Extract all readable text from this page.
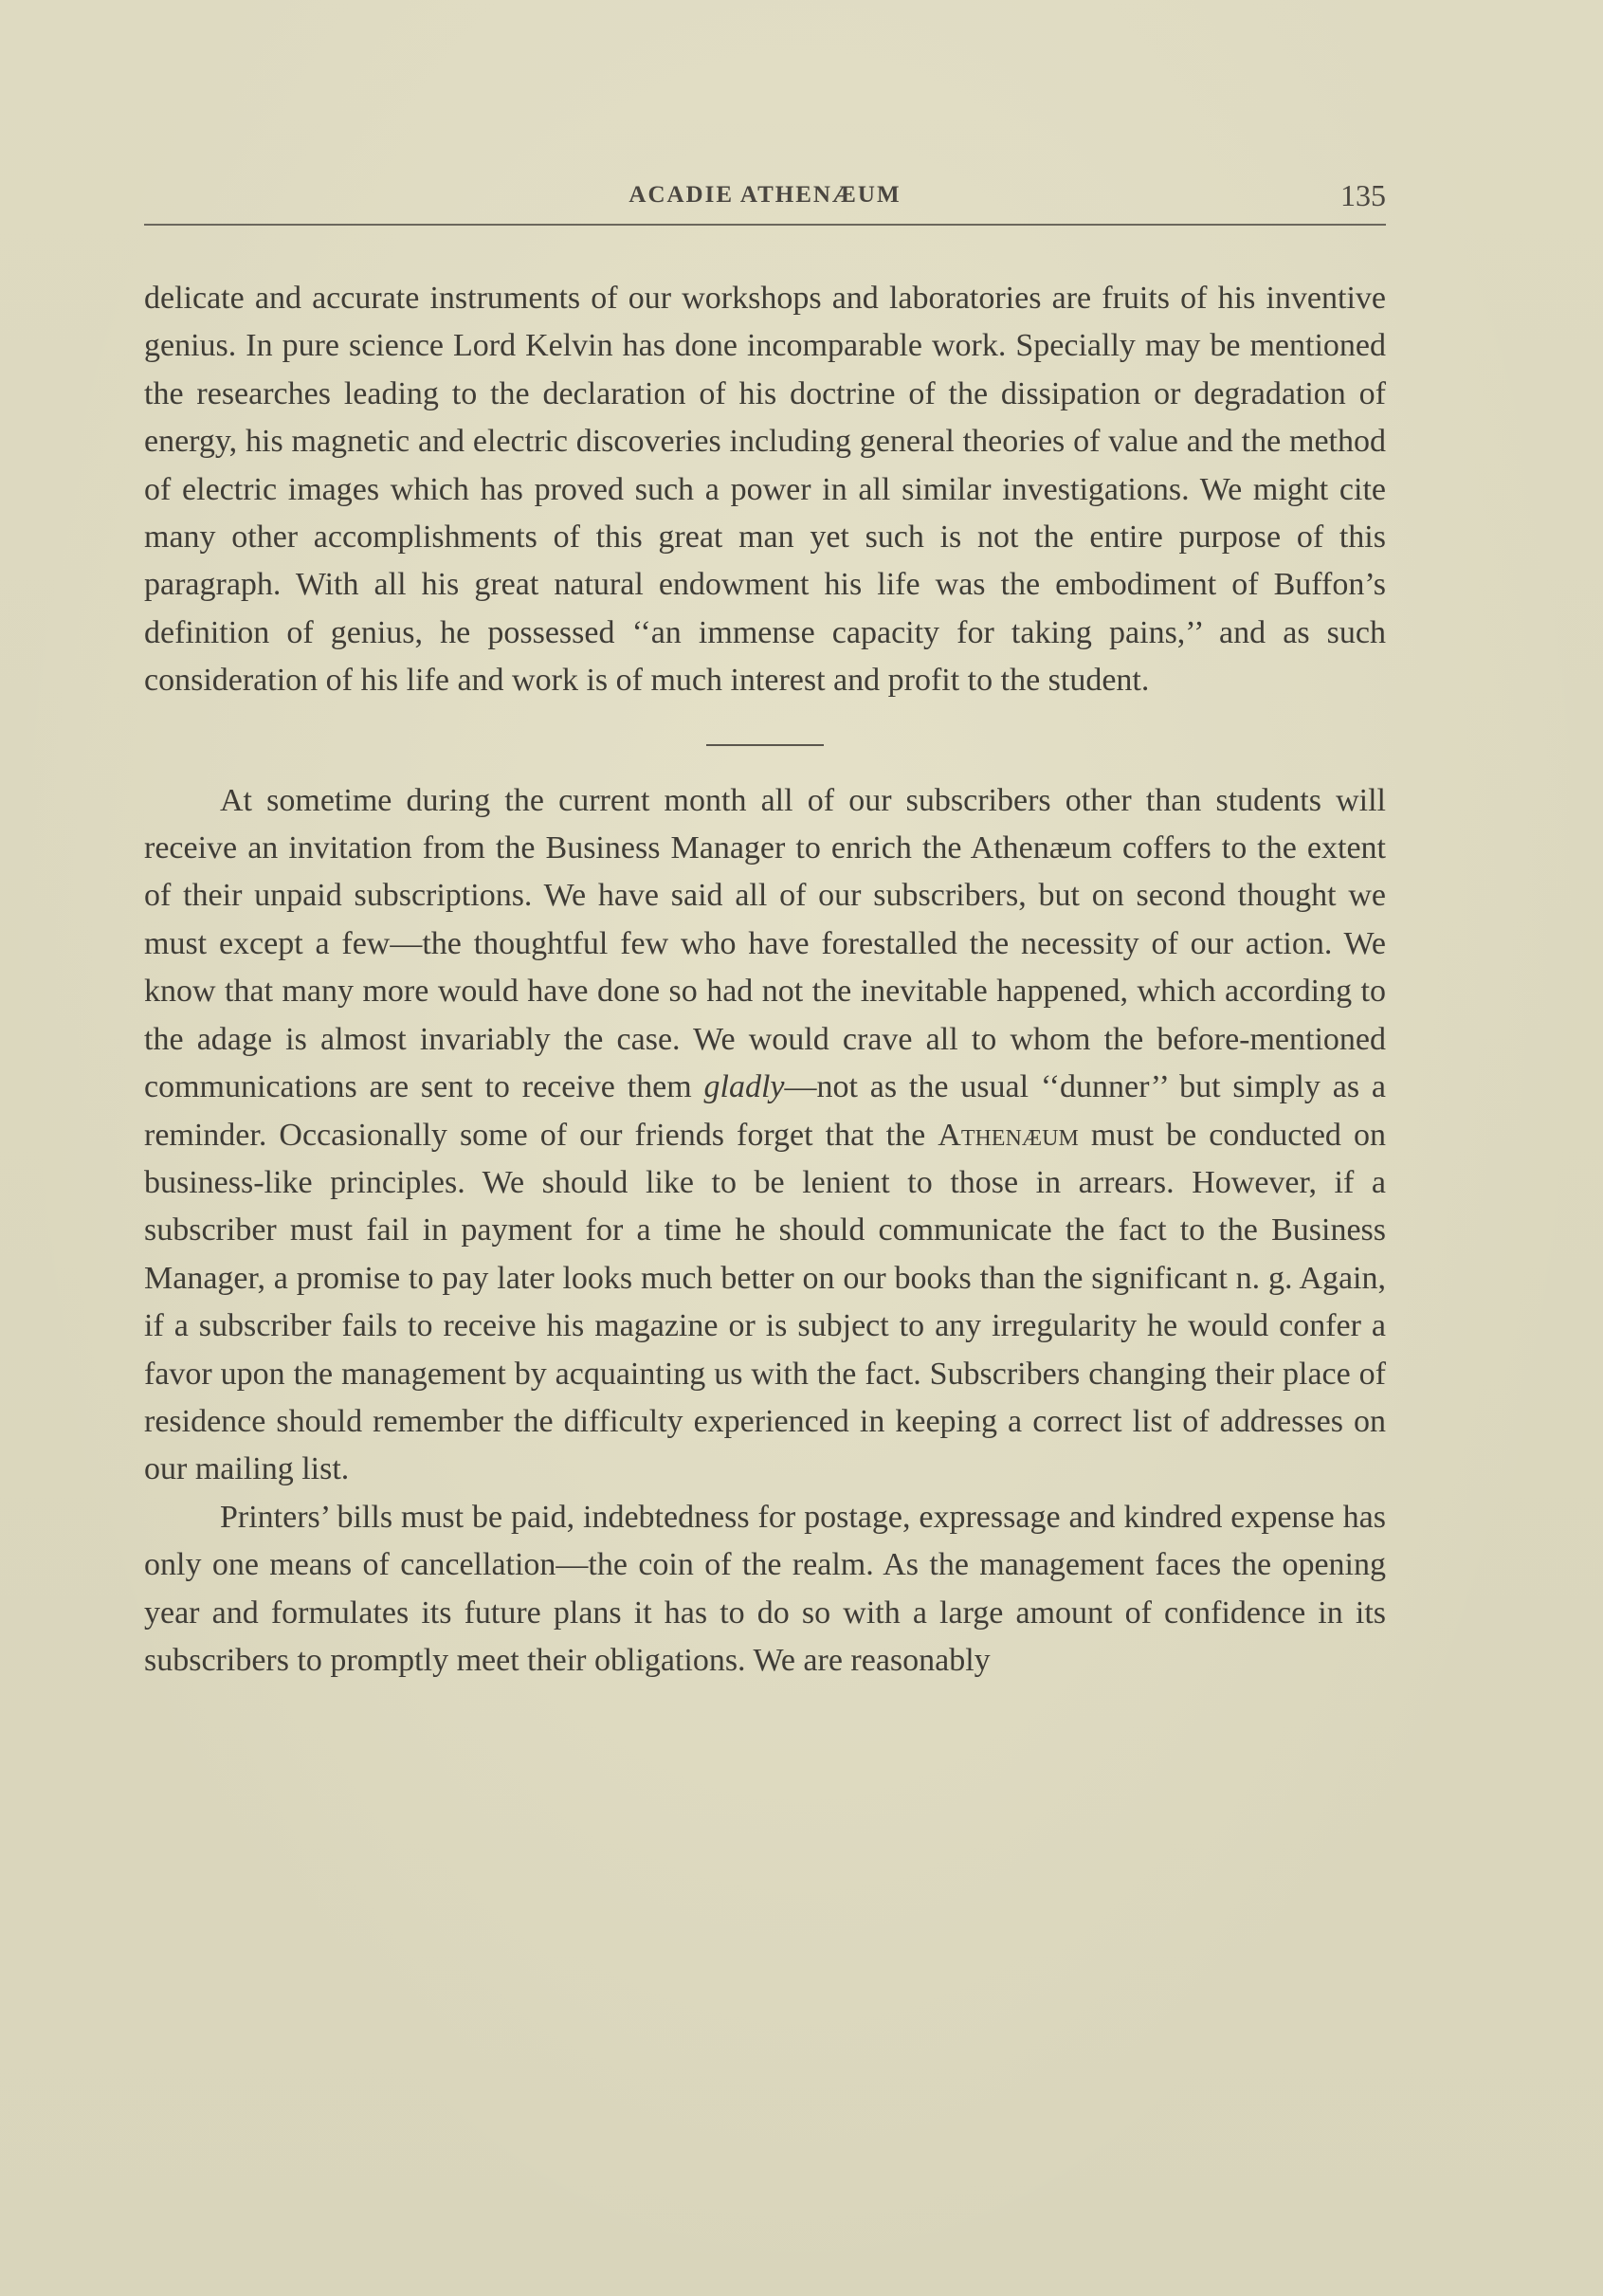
ACADIE ATHENÆUM	135

delicate and accurate instruments of our workshops and laboratories are fruits of his inventive genius. In pure science Lord Kelvin has done incomparable work. Specially may be mentioned the researches leading to the declaration of his doctrine of the dissipation or degradation of energy, his magnetic and electric discoveries including general theories of value and the method of electric images which has proved such a power in all similar investigations. We might cite many other accomplishments of this great man yet such is not the entire purpose of this paragraph. With all his great natural endowment his life was the embodiment of Buffon’s definition of genius, he possessed ‘‘an immense capacity for taking pains,’’ and as such consideration of his life and work is of much interest and profit to the student.

At sometime during the current month all of our subscribers other than students will receive an invitation from the Business Manager to enrich the Athenæum coffers to the extent of their unpaid subscriptions. We have said all of our subscribers, but on second thought we must except a few—the thoughtful few who have forestalled the necessity of our action. We know that many more would have done so had not the inevitable happened, which according to the adage is almost invariably the case. We would crave all to whom the before-mentioned communications are sent to receive them gladly—not as the usual ‘‘dunner’’ but simply as a reminder. Occasionally some of our friends forget that the Athenæum must be conducted on business-like principles. We should like to be lenient to those in arrears. However, if a subscriber must fail in payment for a time he should communicate the fact to the Business Manager, a promise to pay later looks much better on our books than the significant n. g. Again, if a subscriber fails to receive his magazine or is subject to any irregularity he would confer a favor upon the management by acquainting us with the fact. Subscribers changing their place of residence should remember the difficulty experienced in keeping a correct list of addresses on our mailing list.

Printers’ bills must be paid, indebtedness for postage, expressage and kindred expense has only one means of cancellation—the coin of the realm. As the management faces the opening year and formulates its future plans it has to do so with a large amount of confidence in its subscribers to promptly meet their obligations. We are reasonably
